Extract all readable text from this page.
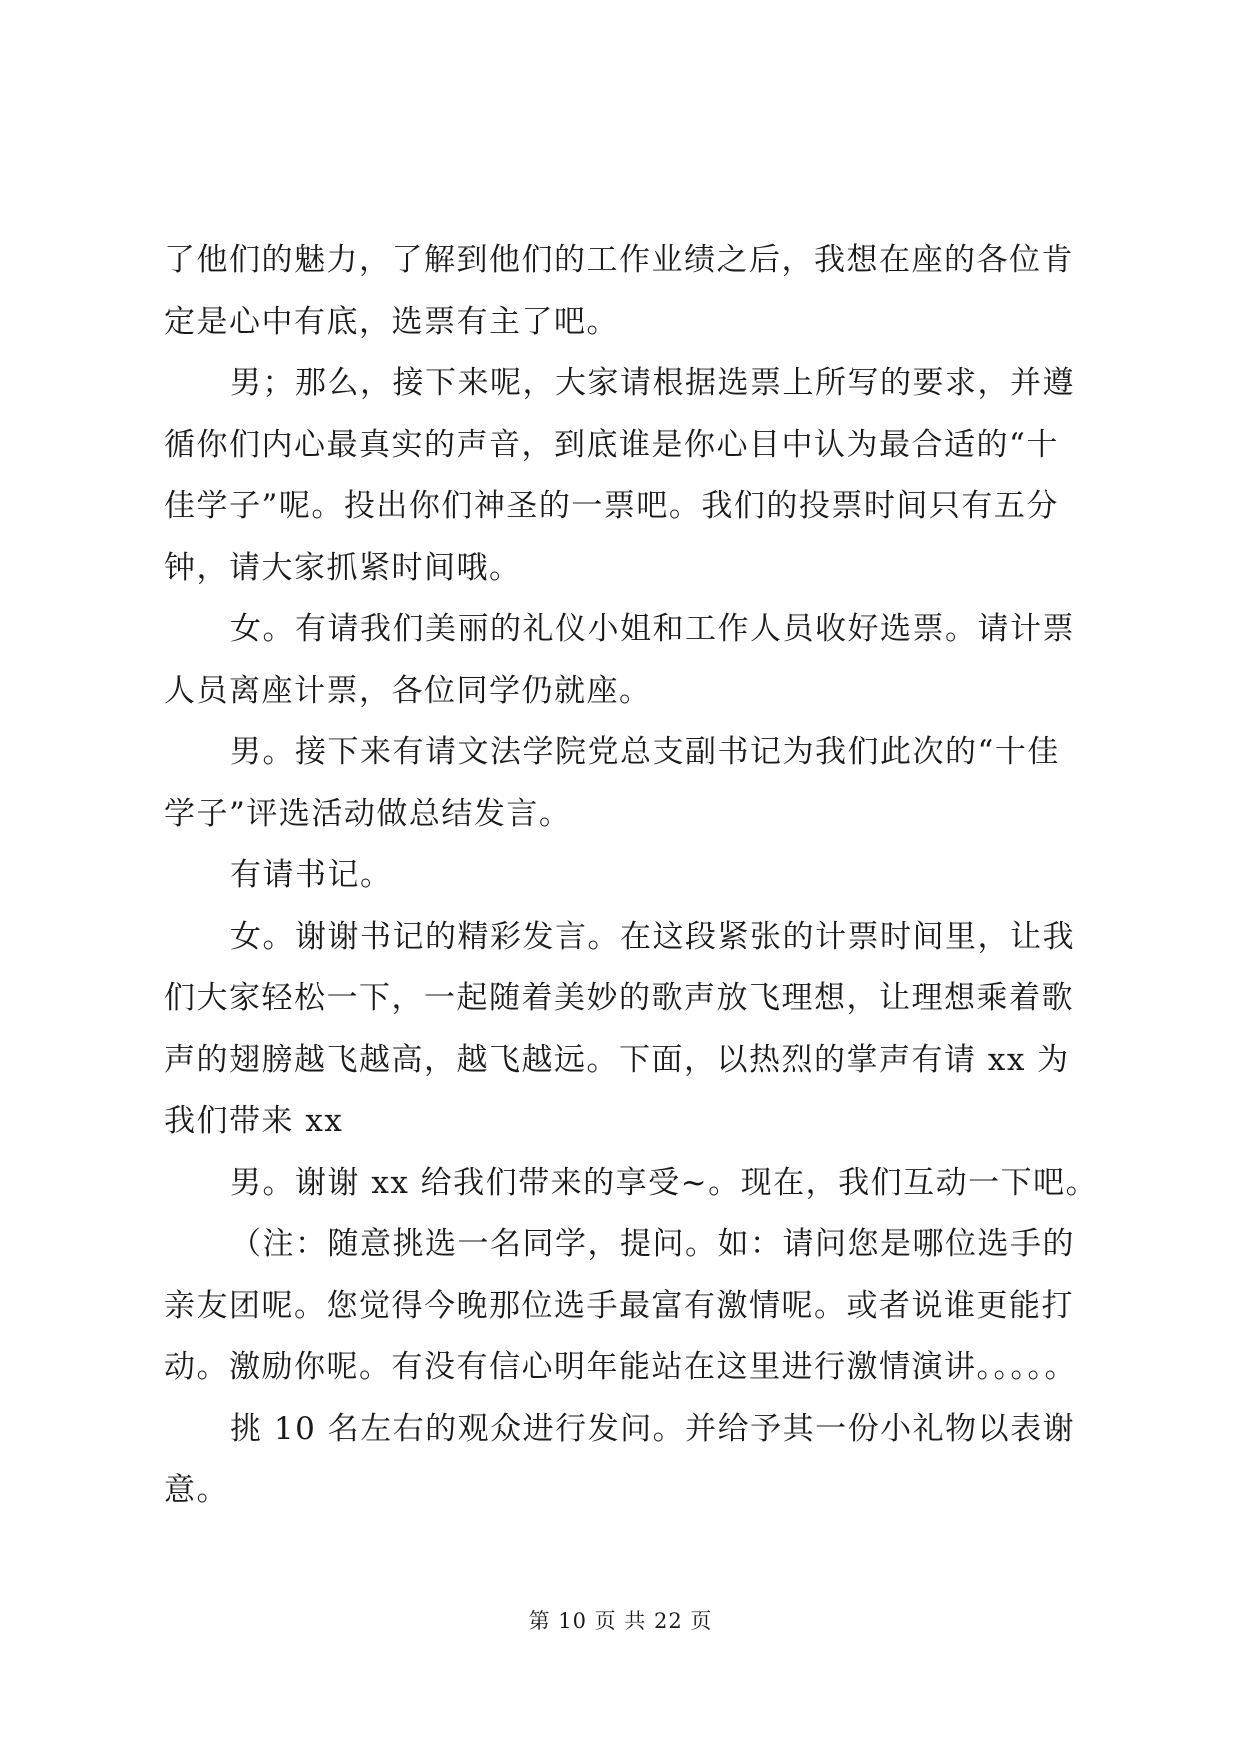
了他们的魅力，了解到他们的工作业绩之后，我想在座的各位肯
定是心中有底，选票有主了吧。
男；那么，接下来呢，大家请根据选票上所写的要求，并遵
循你们内心最真实的声音，到底谁是你心目中认为最合适的“十
佳学子”呢。投出你们神圣的一票吧。我们的投票时间只有五分
钟，请大家抓紧时间哦。
女。有请我们美丽的礼仪小姐和工作人员收好选票。请计票
人员离座计票，各位同学仍就座。
男。接下来有请文法学院党总支副书记为我们此次的“十佳
学子”评选活动做总结发言。
有请书记。
女。谢谢书记的精彩发言。在这段紧张的计票时间里，让我
们大家轻松一下，一起随着美妙的歌声放飞理想，让理想乘着歌
声的翅膀越飞越高，越飞越远。下面，以热烈的掌声有请 xx 为
我们带来 xx
男。谢谢 xx 给我们带来的享受~。现在，我们互动一下吧。
（注：随意挑选一名同学，提问。如：请问您是哪位选手的
亲友团呢。您觉得今晚那位选手最富有激情呢。或者说谁更能打
动。激励你呢。有没有信心明年能站在这里进行激情演讲。。。。。
挑 10 名左右的观众进行发问。并给予其一份小礼物以表谢
意。
第 10 页 共 22 页
